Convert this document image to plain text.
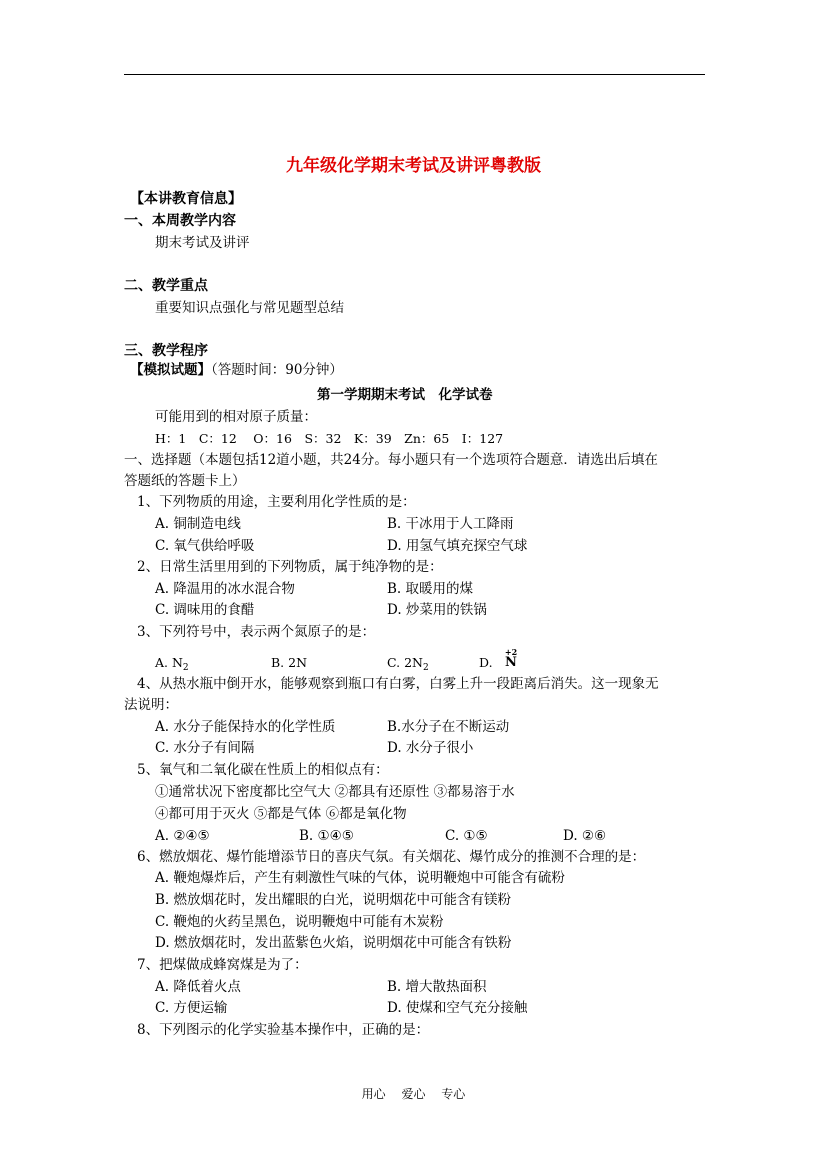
九年级化学期末考试及讲评粤教版
【本讲教育信息】
一、本周教学内容
期末考试及讲评
二、教学重点
重要知识点强化与常见题型总结
三、教学程序
【模拟试题】（答题时间：90分钟）
第一学期期末考试　化学试卷
可能用到的相对原子质量：
H：1　C：12　 O：16　S：32　K：39　Zn：65　I：127
一、选择题（本题包括12道小题，共24分。每小题只有一个选项符合题意．请选出后填在
答题纸的答题卡上）
1、下列物质的用途，主要利用化学性质的是：
A. 铜制造电线	B. 干冰用于人工降雨
C. 氧气供给呼吸	D. 用氢气填充探空气球
2、日常生活里用到的下列物质，属于纯净物的是：
A. 降温用的冰水混合物	B. 取暖用的煤
C. 调味用的食醋	D. 炒菜用的铁锅
3、下列符号中，表示两个氮原子的是：
A. $N_2$	B. 2N	C. $2N_2$	D.
+2
N
4、从热水瓶中倒开水，能够观察到瓶口有白雾，白雾上升一段距离后消失。这一现象无
法说明：
A. 水分子能保持水的化学性质	B.水分子在不断运动
C. 水分子有间隔	D. 水分子很小
5、氧气和二氧化碳在性质上的相似点有：
①通常状况下密度都比空气大 ②都具有还原性 ③都易溶于水
④都可用于灭火 ⑤都是气体 ⑥都是氧化物
A. ②④⑤	B. ①④⑤	C. ①⑤	D. ②⑥
6、燃放烟花、爆竹能增添节日的喜庆气氛。有关烟花、爆竹成分的推测不合理的是：
A. 鞭炮爆炸后，产生有刺激性气味的气体，说明鞭炮中可能含有硫粉
B. 燃放烟花时，发出耀眼的白光，说明烟花中可能含有镁粉
C. 鞭炮的火药呈黑色，说明鞭炮中可能有木炭粉
D. 燃放烟花时，发出蓝紫色火焰，说明烟花中可能含有铁粉
7、把煤做成蜂窝煤是为了：
A. 降低着火点	B. 增大散热面积
C. 方便运输	D. 使煤和空气充分接触
8、下列图示的化学实验基本操作中，正确的是：
用心　 爱心　 专心
